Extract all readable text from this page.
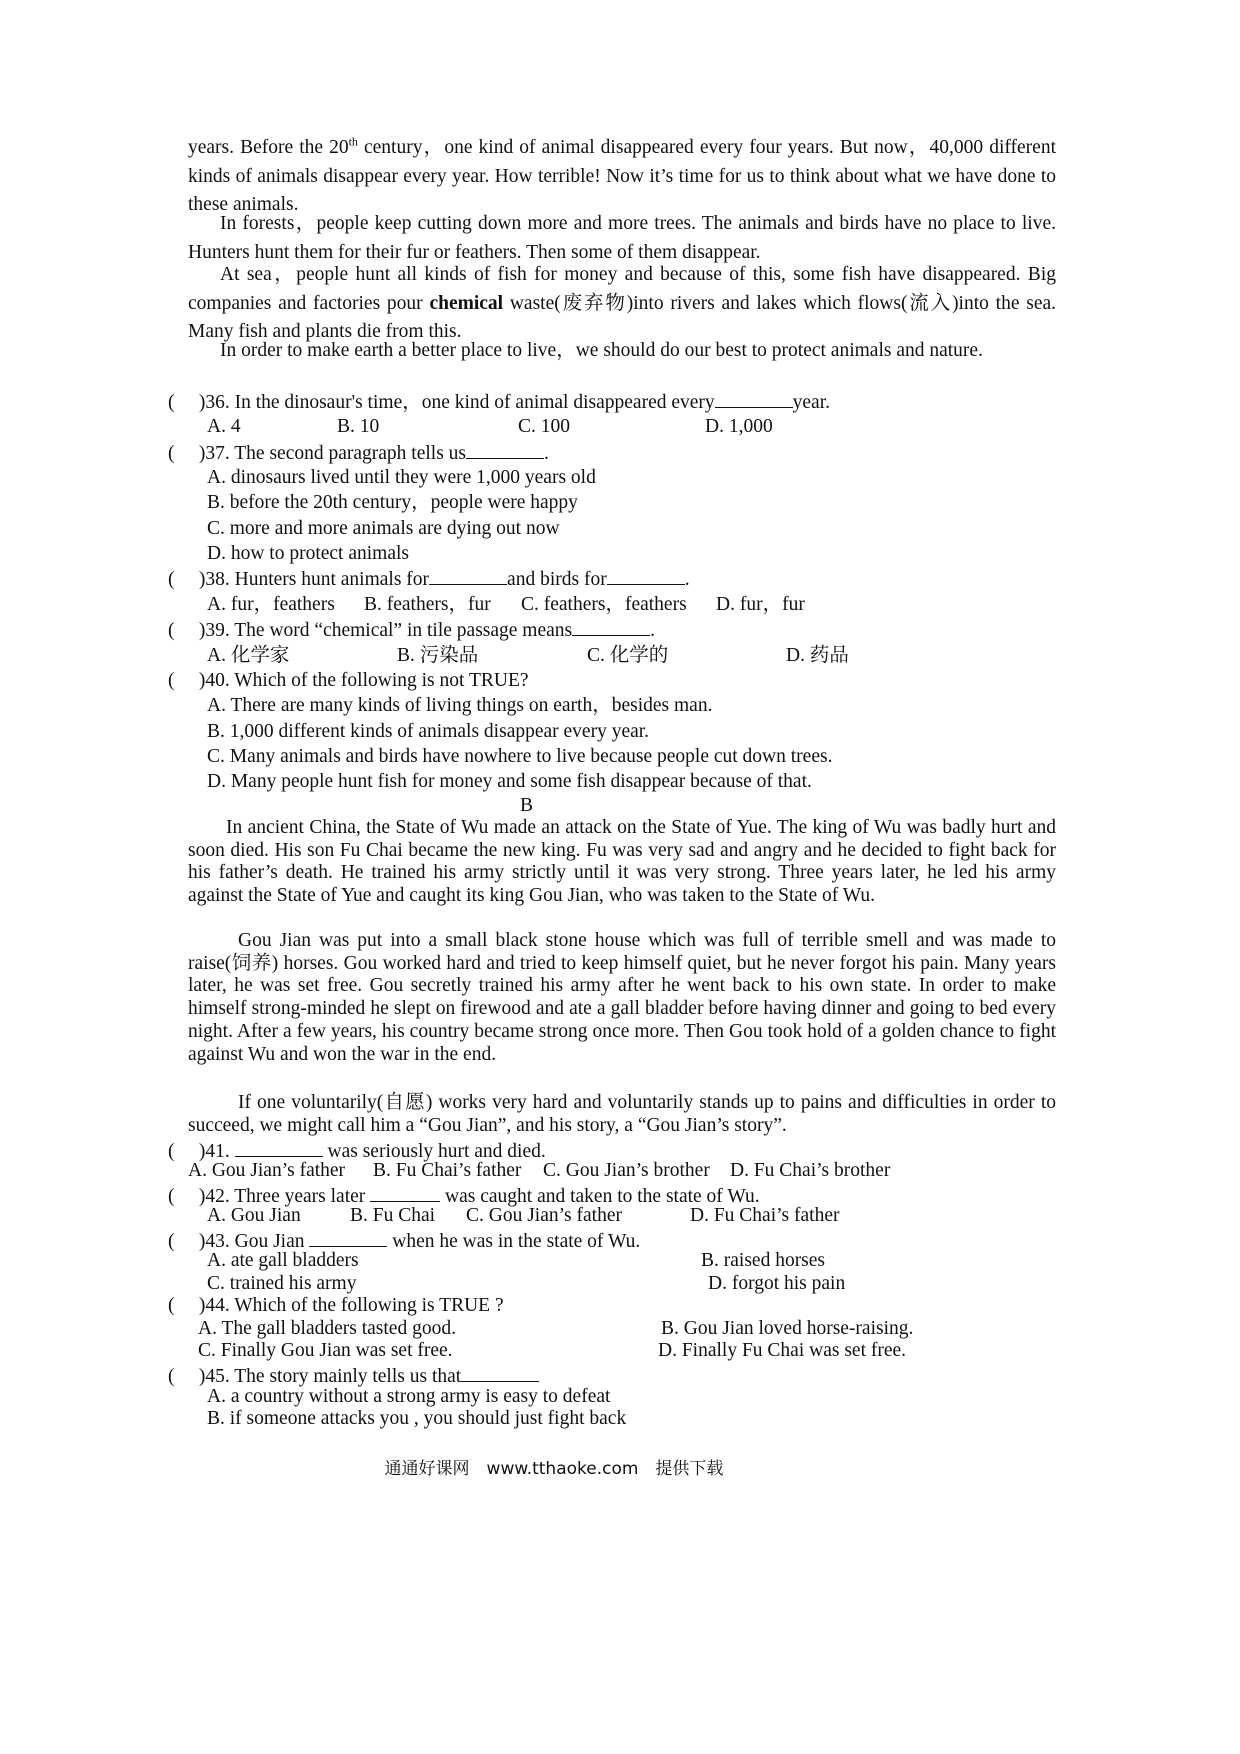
years. Before the 20th century，one kind of animal disappeared every four years. But now，40,000 different kinds of animals disappear every year. How terrible! Now it’s time for us to think about what we have done to these animals.
In forests，people keep cutting down more and more trees. The animals and birds have no place to live. Hunters hunt them for their fur or feathers. Then some of them disappear.
At sea，people hunt all kinds of fish for money and because of this, some fish have disappeared. Big companies and factories pour chemical waste(废弃物)into rivers and lakes which flows(流入)into the sea. Many fish and plants die from this.
In order to make earth a better place to live，we should do our best to protect animals and nature.
(　 )36. In the dinosaur's time，one kind of animal disappeared every	year.
A. 4	B. 10	C. 100	D. 1,000
(　 )37. The second paragraph tells us	.
A. dinosaurs lived until they were 1,000 years old
B. before the 20th century，people were happy
C. more and more animals are dying out now
D. how to protect animals
(　 )38. Hunters hunt animals for	and birds for	.
A. fur，feathers B. feathers，fur C. feathers，feathers D. fur，fur
(　 )39. The word “chemical” in tile passage means	.
A. 化学家	B. 污染品	C. 化学的	D. 药品
(　 )40. Which of the following is not TRUE?
A. There are many kinds of living things on earth，besides man.
B. 1,000 different kinds of animals disappear every year.
C. Many animals and birds have nowhere to live because people cut down trees.
D. Many people hunt fish for money and some fish disappear because of that.
B
In ancient China, the State of Wu made an attack on the State of Yue. The king of Wu was badly hurt and soon died. His son Fu Chai became the new king. Fu was very sad and angry and he decided to fight back for his father’s death. He trained his army strictly until it was very strong. Three years later, he led his army against the State of Yue and caught its king Gou Jian, who was taken to the State of Wu.
Gou Jian was put into a small black stone house which was full of terrible smell and was made to raise(饲养) horses. Gou worked hard and tried to keep himself quiet, but he never forgot his pain. Many years later, he was set free. Gou secretly trained his army after he went back to his own state. In order to make himself strong-minded he slept on firewood and ate a gall bladder before having dinner and going to bed every night. After a few years, his country became strong once more. Then Gou took hold of a golden chance to fight against Wu and won the war in the end.
If one voluntarily(自愿) works very hard and voluntarily stands up to pains and difficulties in order to succeed, we might call him a “Gou Jian”, and his story, a “Gou Jian’s story”.
(　 )41.	was seriously hurt and died.
A. Gou Jian’s father B. Fu Chai’s father C. Gou Jian’s brother D. Fu Chai’s brother
(　 )42. Three years later	was caught and taken to the state of Wu.
A. Gou Jian	B. Fu Chai C. Gou Jian’s father	D. Fu Chai’s father
(　 )43. Gou Jian	when he was in the state of Wu.
A. ate gall bladders	B. raised horses
C. trained his army	D. forgot his pain
(　 )44. Which of the following is TRUE ?
A. The gall bladders tasted good.	B. Gou Jian loved horse-raising.
C. Finally Gou Jian was set free.	D. Finally Fu Chai was set free.
(　 )45. The story mainly tells us that
A. a country without a strong army is easy to defeat
B. if someone attacks you , you should just fight back
通通好课网　www.tthaoke.com　提供下载
